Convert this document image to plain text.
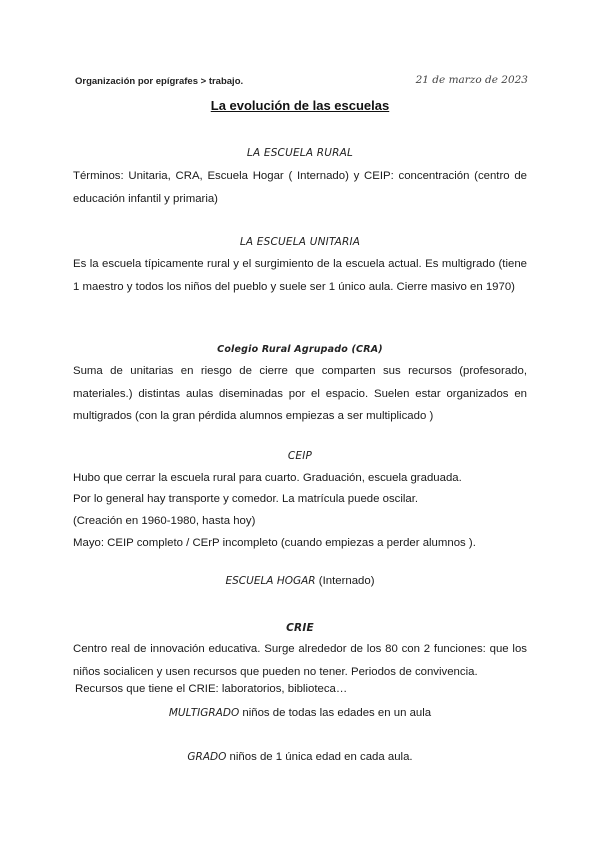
Organización por epígrafes > trabajo.	21 de marzo de 2023
La evolución de las escuelas
LA ESCUELA RURAL
Términos: Unitaria, CRA, Escuela Hogar ( Internado) y CEIP: concentración (centro de educación infantil y primaria)
LA ESCUELA UNITARIA
Es la escuela típicamente rural y el surgimiento de la escuela actual. Es multigrado (tiene 1 maestro y todos los niños del pueblo y suele ser 1 único aula. Cierre masivo en 1970)
Colegio Rural Agrupado (CRA)
Suma de unitarias en riesgo de cierre que comparten sus recursos (profesorado, materiales.) distintas aulas diseminadas por el espacio. Suelen estar organizados en multigrados (con la gran pérdida alumnos empiezas a ser multiplicado )
CEIP
Hubo que cerrar la escuela rural para cuarto. Graduación, escuela graduada.
Por lo general hay transporte y comedor. La matrícula puede oscilar.
(Creación en 1960-1980, hasta hoy)
Mayo: CEIP completo / CErP incompleto (cuando empiezas a perder alumnos ).
ESCUELA HOGAR (Internado)
CRIE
Centro real de innovación educativa. Surge alrededor de los 80 con 2 funciones: que los niños socialicen y usen recursos que pueden no tener. Periodos de convivencia.
Recursos que tiene el CRIE: laboratorios, biblioteca…
MULTIGRADO niños de todas las edades en un aula
GRADO niños de 1 única edad en cada aula.
